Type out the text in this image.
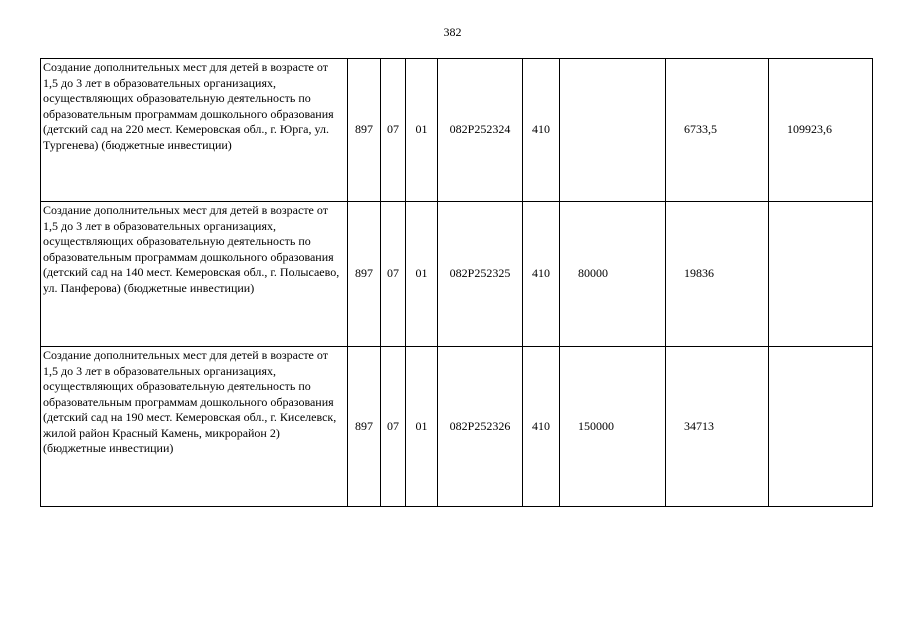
382
Создание дополнительных мест для детей в возрасте от 1,5 до 3 лет в образовательных организациях, осуществляющих образовательную деятельность по образовательным программам дошкольного образования (детский сад на 220 мест. Кемеровская обл., г. Юрга, ул. Тургенева) (бюджетные инвестиции)	897	07	01	082Р252324	410		6733,5	109923,6
Создание дополнительных мест для детей в возрасте от 1,5 до 3 лет в образовательных организациях, осуществляющих образовательную деятельность по образовательным программам дошкольного образования (детский сад на 140 мест. Кемеровская обл., г. Полысаево, ул. Панферова) (бюджетные инвестиции)	897	07	01	082Р252325	410	80000	19836	
Создание дополнительных мест для детей в возрасте от 1,5 до 3 лет в образовательных организациях, осуществляющих образовательную деятельность по образовательным программам дошкольного образования (детский сад на 190 мест. Кемеровская обл., г. Киселевск, жилой район Красный Камень, микрорайон 2) (бюджетные инвестиции)	897	07	01	082Р252326	410	150000	34713	
